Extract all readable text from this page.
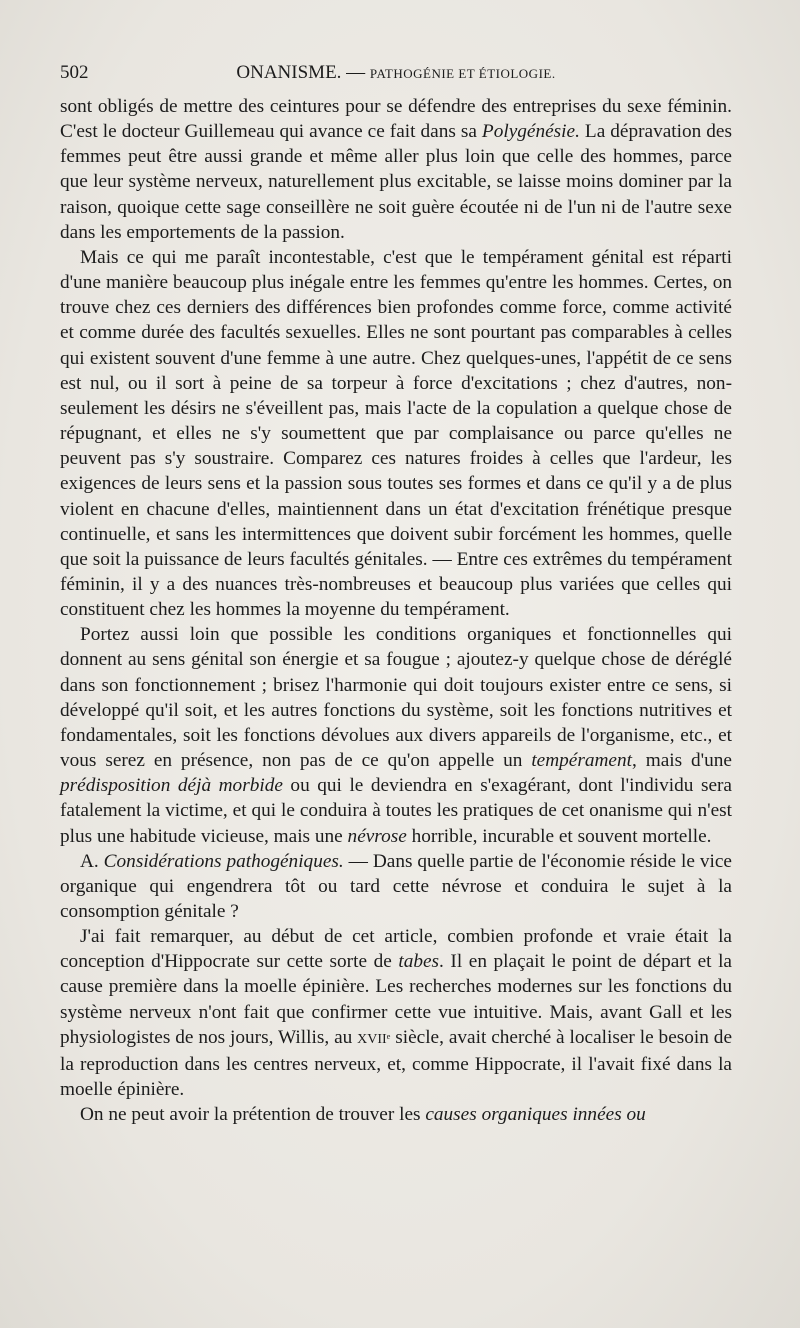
502	ONANISME. — PATHOGÉNIE ET ÉTIOLOGIE.

sont obligés de mettre des ceintures pour se défendre des entreprises du sexe féminin. C'est le docteur Guillemeau qui avance ce fait dans sa Polygénésie. La dépravation des femmes peut être aussi grande et même aller plus loin que celle des hommes, parce que leur système nerveux, naturellement plus excitable, se laisse moins dominer par la raison, quoique cette sage conseillère ne soit guère écoutée ni de l'un ni de l'autre sexe dans les emportements de la passion.

Mais ce qui me paraît incontestable, c'est que le tempérament génital est réparti d'une manière beaucoup plus inégale entre les femmes qu'entre les hommes. Certes, on trouve chez ces derniers des différences bien profondes comme force, comme activité et comme durée des facultés sexuelles. Elles ne sont pourtant pas comparables à celles qui existent souvent d'une femme à une autre. Chez quelques-unes, l'appétit de ce sens est nul, ou il sort à peine de sa torpeur à force d'excitations ; chez d'autres, non-seulement les désirs ne s'éveillent pas, mais l'acte de la copulation a quelque chose de répugnant, et elles ne s'y soumettent que par complaisance ou parce qu'elles ne peuvent pas s'y soustraire. Comparez ces natures froides à celles que l'ardeur, les exigences de leurs sens et la passion sous toutes ses formes et dans ce qu'il y a de plus violent en chacune d'elles, maintiennent dans un état d'excitation frénétique presque continuelle, et sans les intermittences que doivent subir forcément les hommes, quelle que soit la puissance de leurs facultés génitales. — Entre ces extrêmes du tempérament féminin, il y a des nuances très-nombreuses et beaucoup plus variées que celles qui constituent chez les hommes la moyenne du tempérament.

Portez aussi loin que possible les conditions organiques et fonctionnelles qui donnent au sens génital son énergie et sa fougue ; ajoutez-y quelque chose de déréglé dans son fonctionnement ; brisez l'harmonie qui doit toujours exister entre ce sens, si développé qu'il soit, et les autres fonctions du système, soit les fonctions nutritives et fondamentales, soit les fonctions dévolues aux divers appareils de l'organisme, etc., et vous serez en présence, non pas de ce qu'on appelle un tempérament, mais d'une prédisposition déjà morbide ou qui le deviendra en s'exagérant, dont l'individu sera fatalement la victime, et qui le conduira à toutes les pratiques de cet onanisme qui n'est plus une habitude vicieuse, mais une névrose horrible, incurable et souvent mortelle.

A. Considérations pathogéniques. — Dans quelle partie de l'économie réside le vice organique qui engendrera tôt ou tard cette névrose et conduira le sujet à la consomption génitale ?

J'ai fait remarquer, au début de cet article, combien profonde et vraie était la conception d'Hippocrate sur cette sorte de tabes. Il en plaçait le point de départ et la cause première dans la moelle épinière. Les recherches modernes sur les fonctions du système nerveux n'ont fait que confirmer cette vue intuitive. Mais, avant Gall et les physiologistes de nos jours, Willis, au XVIIᵉ siècle, avait cherché à localiser le besoin de la reproduction dans les centres nerveux, et, comme Hippocrate, il l'avait fixé dans la moelle épinière.

On ne peut avoir la prétention de trouver les causes organiques innées ou
